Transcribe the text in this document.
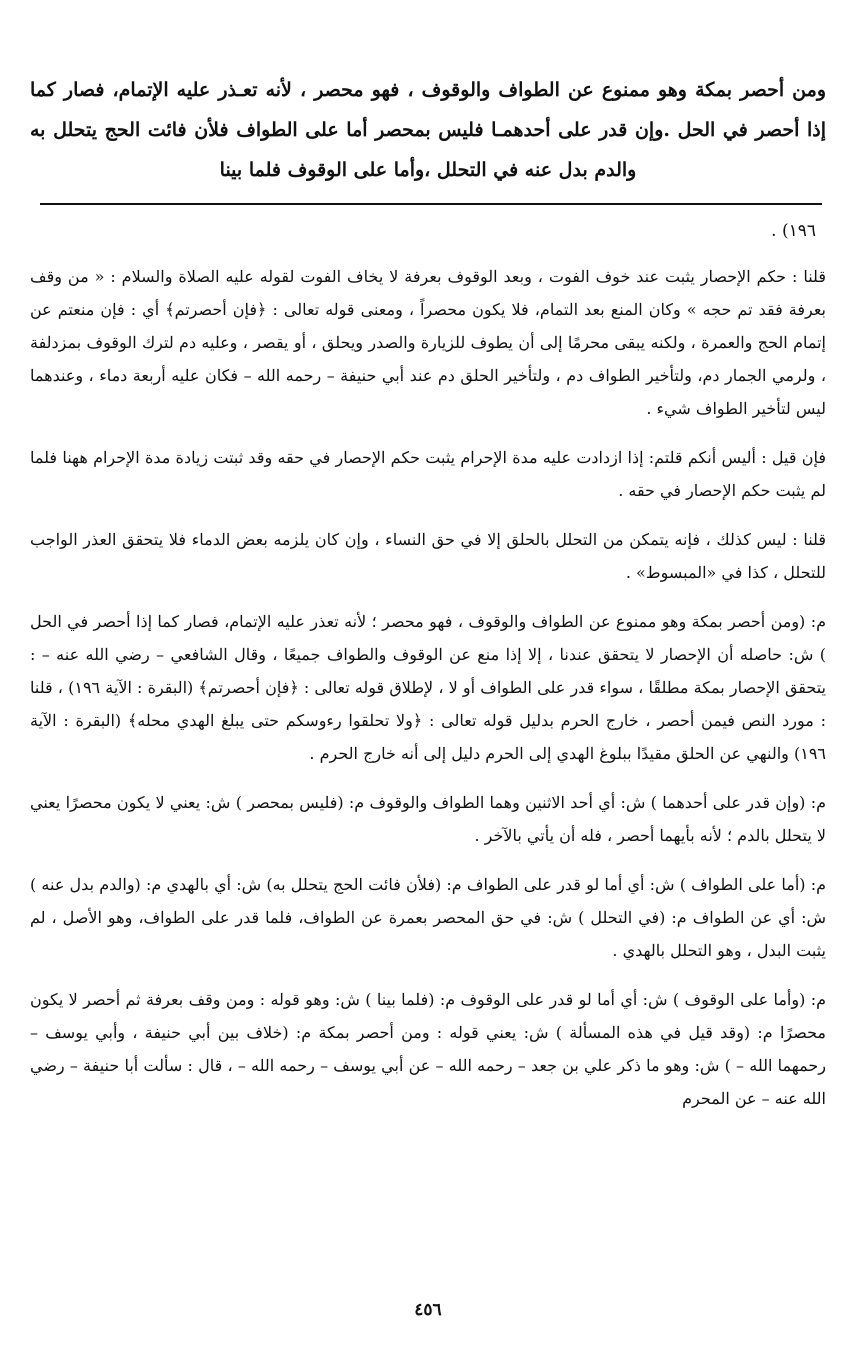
ومن أحصر بمكة وهو ممنوع عن الطواف والوقوف ، فهو محصر ، لأنه تعـذر عليه الإتمام، فصار كما إذا أحصر في الحل .وإن قدر على أحدهمـا فليس بمحصر أما على الطواف فلأن فائت الحج يتحلل به والدم بدل عنه في التحلل ،وأما على الوقوف فلما بينا
١٩٦) .

قلنا : حكم الإحصار يثبت عند خوف الفوت ، وبعد الوقوف بعرفة لا يخاف الفوت لقوله عليه الصلاة والسلام : « من وقف بعرفة فقد تم حجه » وكان المنع بعد التمام، فلا يكون محصراً ، ومعنى قوله تعالى : ﴿فإن أحصرتم﴾ أي : فإن منعتم عن إتمام الحج والعمرة ، ولكنه يبقى محرمًا إلى أن يطوف للزيارة والصدر ويحلق ، أو يقصر ، وعليه دم لترك الوقوف بمزدلفة ، ولرمي الجمار دم، ولتأخير الطواف دم ، ولتأخير الحلق دم عند أبي حنيفة – رحمه الله – فكان عليه أربعة دماء ، وعندهما ليس لتأخير الطواف شيء .

فإن قيل : أليس أنكم قلتم: إذا ازدادت عليه مدة الإحرام يثبت حكم الإحصار في حقه وقد ثبتت زيادة مدة الإحرام ههنا فلما لم يثبت حكم الإحصار في حقه .

قلنا : ليس كذلك ، فإنه يتمكن من التحلل بالحلق إلا في حق النساء ، وإن كان يلزمه بعض الدماء فلا يتحقق العذر الواجب للتحلل ، كذا في «المبسوط» .

م: (ومن أحصر بمكة وهو ممنوع عن الطواف والوقوف ، فهو محصر ؛ لأنه تعذر عليه الإتمام، فصار كما إذا أحصر في الحل ) ش: حاصله أن الإحصار لا يتحقق عندنا ، إلا إذا منع عن الوقوف والطواف جميعًا ، وقال الشافعي – رضي الله عنه – : يتحقق الإحصار بمكة مطلقًا ، سواء قدر على الطواف أو لا ، لإطلاق قوله تعالى : ﴿فإن أحصرتم﴾ (البقرة : الآية ١٩٦) ، قلنا : مورد النص فيمن أحصر ، خارج الحرم بدليل قوله تعالى : ﴿ولا تحلقوا رءوسكم حتى يبلغ الهدي محله﴾ (البقرة : الآية ١٩٦) والنهي عن الحلق مقيدًا ببلوغ الهدي إلى الحرم دليل إلى أنه خارج الحرم .

م: (وإن قدر على أحدهما ) ش: أي أحد الاثنين وهما الطواف والوقوف م: (فليس بمحصر ) ش: يعني لا يكون محصرًا يعني لا يتحلل بالدم ؛ لأنه بأيهما أحصر ، فله أن يأتي بالآخر .

م: (أما على الطواف ) ش: أي أما لو قدر على الطواف م: (فلأن فائت الحج يتحلل به) ش: أي بالهدي م: (والدم بدل عنه ) ش: أي عن الطواف م: (في التحلل ) ش: في حق المحصر بعمرة عن الطواف، فلما قدر على الطواف، وهو الأصل ، لم يثبت البدل ، وهو التحلل بالهدي .

م: (وأما على الوقوف ) ش: أي أما لو قدر على الوقوف م: (فلما بينا ) ش: وهو قوله : ومن وقف بعرفة ثم أحصر لا يكون محصرًا م: (وقد قيل في هذه المسألة ) ش: يعني قوله : ومن أحصر بمكة م: (خلاف بين أبي حنيفة ، وأبي يوسف – رحمهما الله – ) ش: وهو ما ذكر علي بن جعد – رحمه الله – عن أبي يوسف – رحمه الله – ، قال : سألت أبا حنيفة – رضي الله عنه – عن المحرم

٤٥٦
